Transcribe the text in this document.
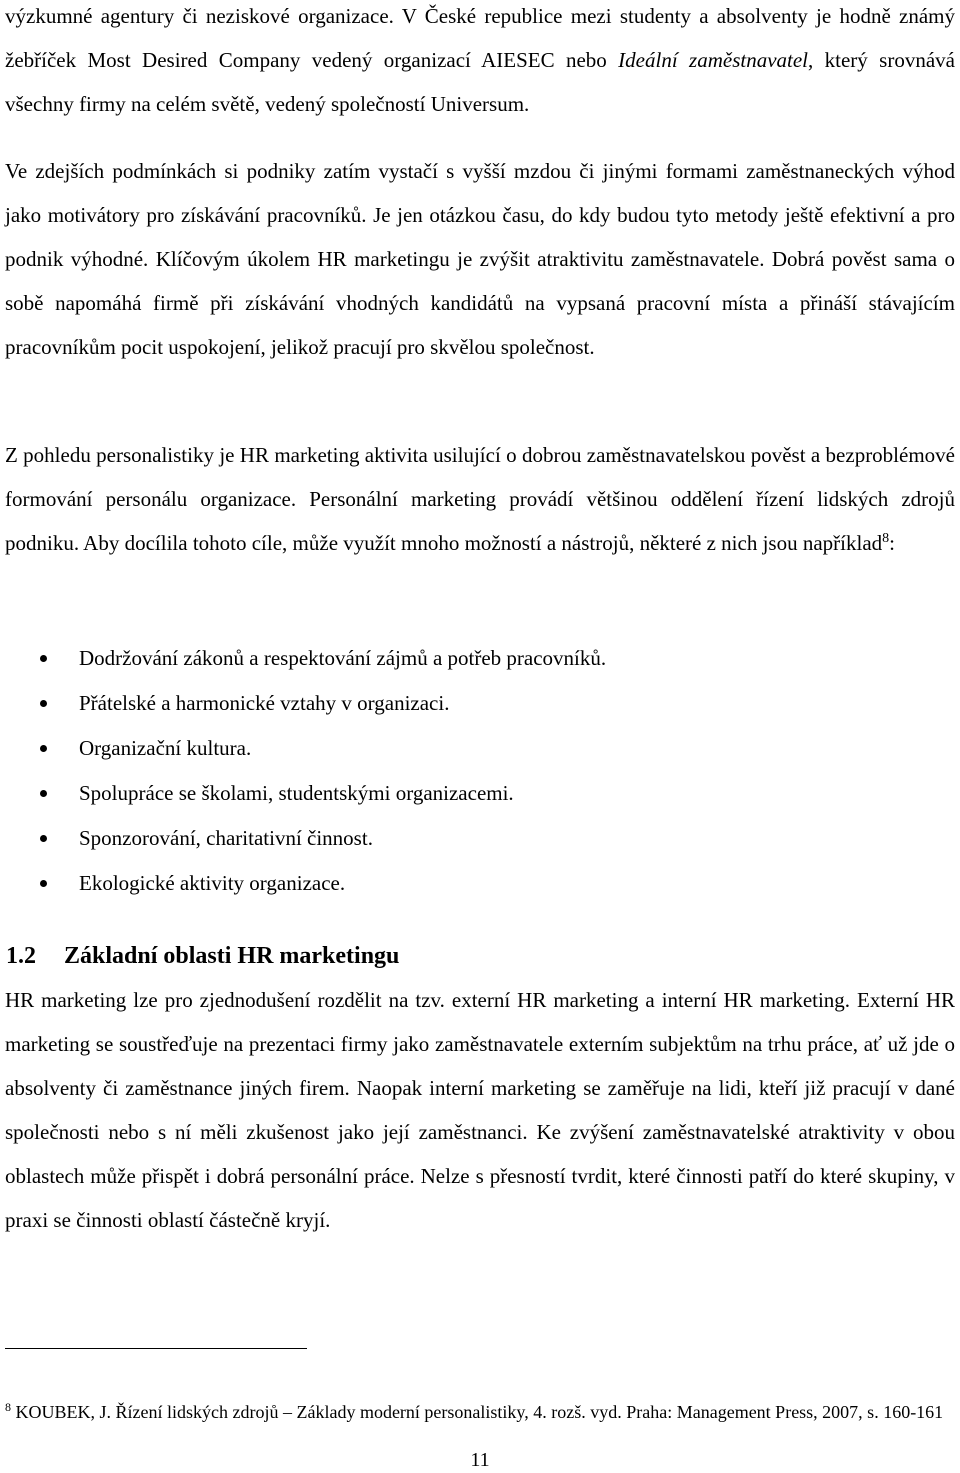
výzkumné agentury či neziskové organizace. V České republice mezi studenty a absolventy je hodně známý žebříček Most Desired Company vedený organizací AIESEC nebo Ideální zaměstnavatel, který srovnává všechny firmy na celém světě, vedený společností Universum.

Ve zdejších podmínkách si podniky zatím vystačí s vyšší mzdou či jinými formami zaměstnaneckých výhod jako motivátory pro získávání pracovníků. Je jen otázkou času, do kdy budou tyto metody ještě efektivní a pro podnik výhodné. Klíčovým úkolem HR marketingu je zvýšit atraktivitu zaměstnavatele. Dobrá pověst sama o sobě napomáhá firmě při získávání vhodných kandidátů na vypsaná pracovní místa a přináší stávajícím pracovníkům pocit uspokojení, jelikož pracují pro skvělou společnost.

Z pohledu personalistiky je HR marketing aktivita usilující o dobrou zaměstnavatelskou pověst a bezproblémové formování personálu organizace. Personální marketing provádí většinou oddělení řízení lidských zdrojů podniku. Aby docílila tohoto cíle, může využít mnoho možností a nástrojů, některé z nich jsou například$^8$:

Dodržování zákonů a respektování zájmů a potřeb pracovníků.
Přátelské a harmonické vztahy v organizaci.
Organizační kultura.
Spolupráce se školami, studentskými organizacemi.
Sponzorování, charitativní činnost.
Ekologické aktivity organizace.
1.2 Základní oblasti HR marketingu

HR marketing lze pro zjednodušení rozdělit na tzv. externí HR marketing a interní HR marketing. Externí HR marketing se soustřeďuje na prezentaci firmy jako zaměstnavatele externím subjektům na trhu práce, ať už jde o absolventy či zaměstnance jiných firem. Naopak interní marketing se zaměřuje na lidi, kteří již pracují v dané společnosti nebo s ní měli zkušenost jako její zaměstnanci. Ke zvýšení zaměstnavatelské atraktivity v obou oblastech může přispět i dobrá personální práce. Nelze s přesností tvrdit, které činnosti patří do které skupiny, v praxi se činnosti oblastí částečně kryjí.

$^8$ KOUBEK, J. Řízení lidských zdrojů – Základy moderní personalistiky, 4. rozš. vyd. Praha: Management Press, 2007, s. 160-161

11
